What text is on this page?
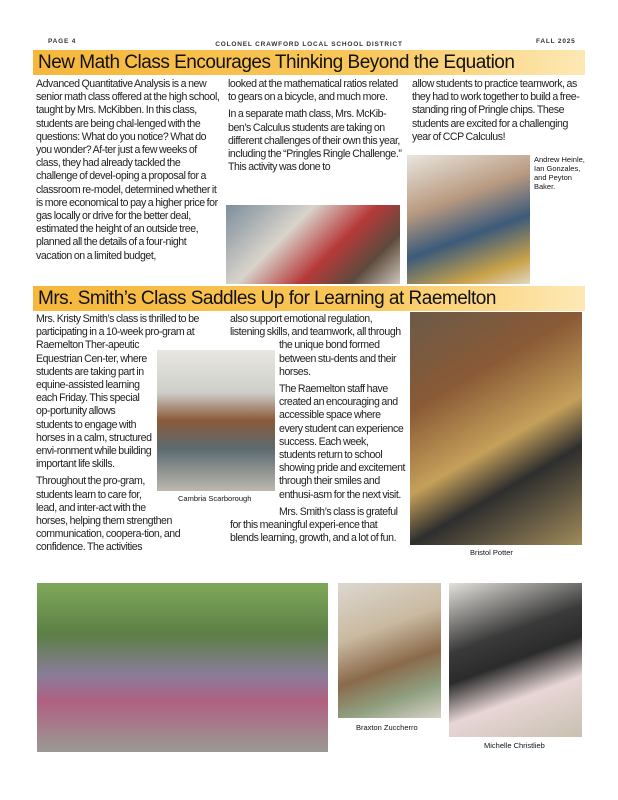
PAGE 4	COLONEL CRAWFORD LOCAL SCHOOL DISTRICT	FALL 2025
New Math Class Encourages Thinking Beyond the Equation

Advanced Quantitative Analysis is a new senior math class offered at the high school, taught by Mrs. McKibben. In this class, students are being chal-lenged with the questions: What do you notice? What do you wonder? Af-ter just a few weeks of class, they had already tackled the challenge of devel-oping a proposal for a classroom re-model, determined whether it is more economical to pay a higher price for gas locally or drive for the better deal, estimated the height of an outside tree, planned all the details of a four-night vacation on a limited budget,

looked at the mathematical ratios related to gears on a bicycle, and much more.

In a separate math class, Mrs. McKib-ben’s Calculus students are taking on different challenges of their own this year, including the “Pringles Ringle Challenge.” This activity was done to

allow students to practice teamwork, as they had to work together to build a free-standing ring of Pringle chips. These students are excited for a challenging year of CCP Calculus!

Andrew Heinle, Ian Gonzales, and Peyton Baker.
Mrs. Smith’s Class Saddles Up for Learning at Raemelton

Mrs. Kristy Smith’s class is thrilled to be participating in a 10-week pro-gram at Raemelton Ther-apeutic Equestrian Cen-ter, where students are taking part in equine-assisted learning each Friday. This special op-portunity allows students to engage with horses in a calm, structured envi-ronment while building important life skills.

Throughout the pro-gram, students learn to care for, lead, and inter-act with the horses, helping them strengthen communication, coopera-tion, and confidence. The activities

also support emotional regulation, listening skills, and teamwork, all through the unique bond formed between stu-dents and their horses.

The Raemelton staff have created an encouraging and accessible space where every student can experience success. Each week, students return to school showing pride and excitement through their smiles and enthusi-asm for the next visit.

Mrs. Smith’s class is grateful for this meaningful experi-ence that blends learning, growth, and a lot of fun.

Cambria Scarborough
Bristol Potter
Braxton Zuccherro
Michelle Christlieb
